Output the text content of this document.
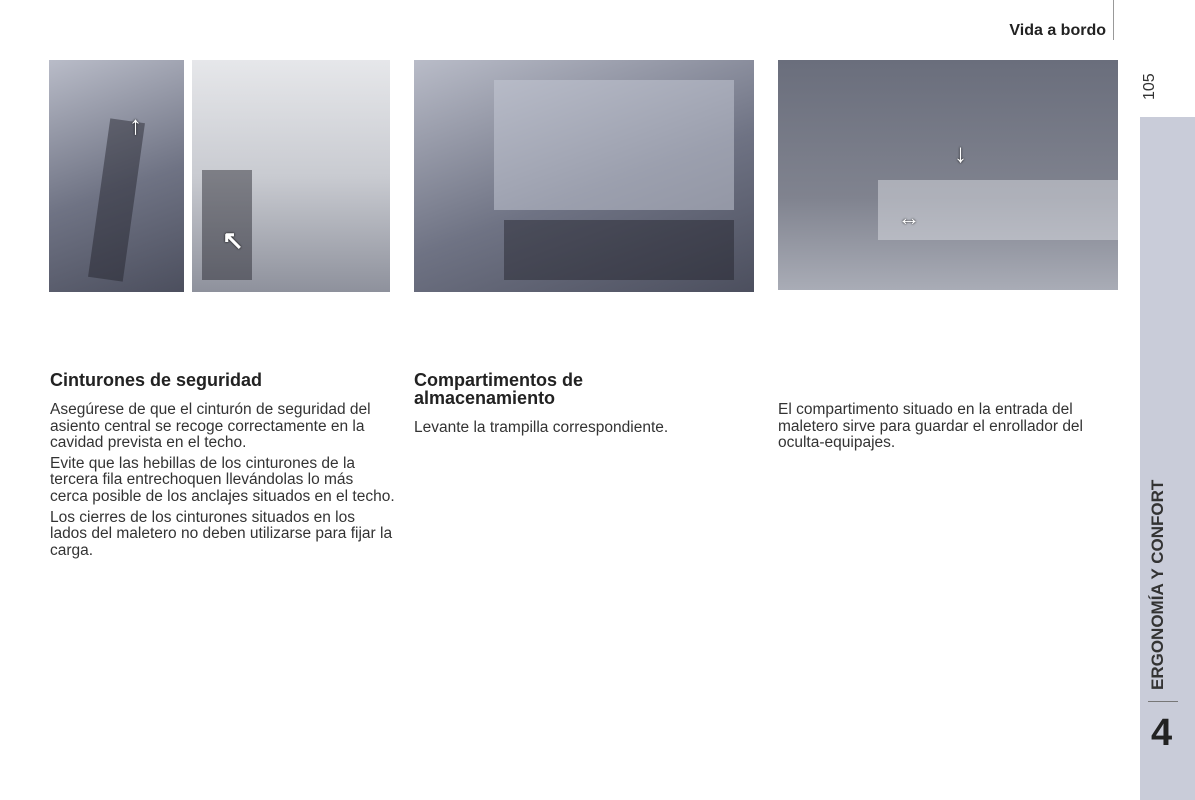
Vida a bordo
↑
↖
↓
↔
Cinturones de seguridad

Asegúrese de que el cinturón de seguridad del asiento central se recoge correctamente en la cavidad prevista en el techo.

Evite que las hebillas de los cinturones de la tercera fila entrechoquen llevándolas lo más cerca posible de los anclajes situados en el techo.

Los cierres de los cinturones situados en los lados del maletero no deben utilizarse para fijar la carga.

Compartimentos de almacenamiento

Levante la trampilla correspondiente.

El compartimento situado en la entrada del maletero sirve para guardar el enrollador del oculta-equipajes.

105
ERGONOMÍA Y CONFORT
4
